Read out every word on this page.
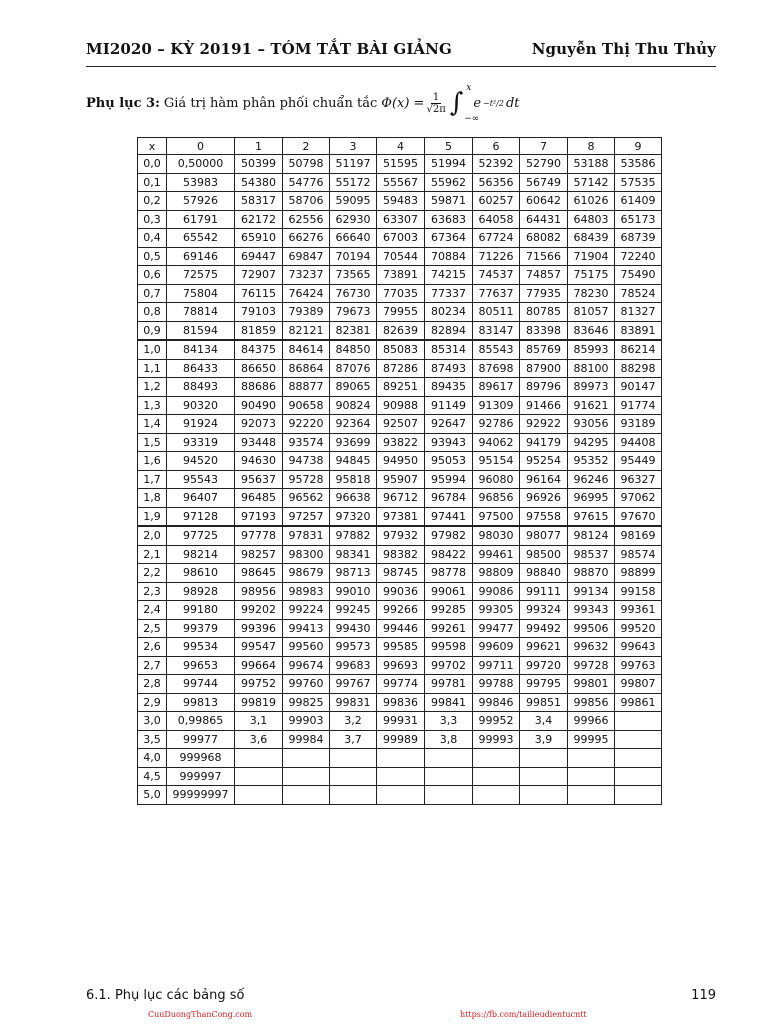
MI2020 – KỲ 20191 – TÓM TẮT BÀI GIẢNG	Nguyễn Thị Thu Thủy
Phụ lục 3: Giá trị hàm phân phối chuẩn tắc $\Phi(x) = \frac{1}{√2\pi}$ ∫ x
−∞
e −t²/2 dt
x	0	1	2	3	4	5	6	7	8	9
0,0	0,50000	50399	50798	51197	51595	51994	52392	52790	53188	53586
0,1	53983	54380	54776	55172	55567	55962	56356	56749	57142	57535
0,2	57926	58317	58706	59095	59483	59871	60257	60642	61026	61409
0,3	61791	62172	62556	62930	63307	63683	64058	64431	64803	65173
0,4	65542	65910	66276	66640	67003	67364	67724	68082	68439	68739
0,5	69146	69447	69847	70194	70544	70884	71226	71566	71904	72240
0,6	72575	72907	73237	73565	73891	74215	74537	74857	75175	75490
0,7	75804	76115	76424	76730	77035	77337	77637	77935	78230	78524
0,8	78814	79103	79389	79673	79955	80234	80511	80785	81057	81327
0,9	81594	81859	82121	82381	82639	82894	83147	83398	83646	83891
1,0	84134	84375	84614	84850	85083	85314	85543	85769	85993	86214
1,1	86433	86650	86864	87076	87286	87493	87698	87900	88100	88298
1,2	88493	88686	88877	89065	89251	89435	89617	89796	89973	90147
1,3	90320	90490	90658	90824	90988	91149	91309	91466	91621	91774
1,4	91924	92073	92220	92364	92507	92647	92786	92922	93056	93189
1,5	93319	93448	93574	93699	93822	93943	94062	94179	94295	94408
1,6	94520	94630	94738	94845	94950	95053	95154	95254	95352	95449
1,7	95543	95637	95728	95818	95907	95994	96080	96164	96246	96327
1,8	96407	96485	96562	96638	96712	96784	96856	96926	96995	97062
1,9	97128	97193	97257	97320	97381	97441	97500	97558	97615	97670
2,0	97725	97778	97831	97882	97932	97982	98030	98077	98124	98169
2,1	98214	98257	98300	98341	98382	98422	99461	98500	98537	98574
2,2	98610	98645	98679	98713	98745	98778	98809	98840	98870	98899
2,3	98928	98956	98983	99010	99036	99061	99086	99111	99134	99158
2,4	99180	99202	99224	99245	99266	99285	99305	99324	99343	99361
2,5	99379	99396	99413	99430	99446	99261	99477	99492	99506	99520
2,6	99534	99547	99560	99573	99585	99598	99609	99621	99632	99643
2,7	99653	99664	99674	99683	99693	99702	99711	99720	99728	99763
2,8	99744	99752	99760	99767	99774	99781	99788	99795	99801	99807
2,9	99813	99819	99825	99831	99836	99841	99846	99851	99856	99861
3,0	0,99865	3,1	99903	3,2	99931	3,3	99952	3,4	99966	
3,5	99977	3,6	99984	3,7	99989	3,8	99993	3,9	99995	
4,0	999968									
4,5	999997									
5,0	99999997									
6.1. Phụ lục các bảng số	119
CuuDuongThanCong.com	https://fb.com/tailieudientucntt
